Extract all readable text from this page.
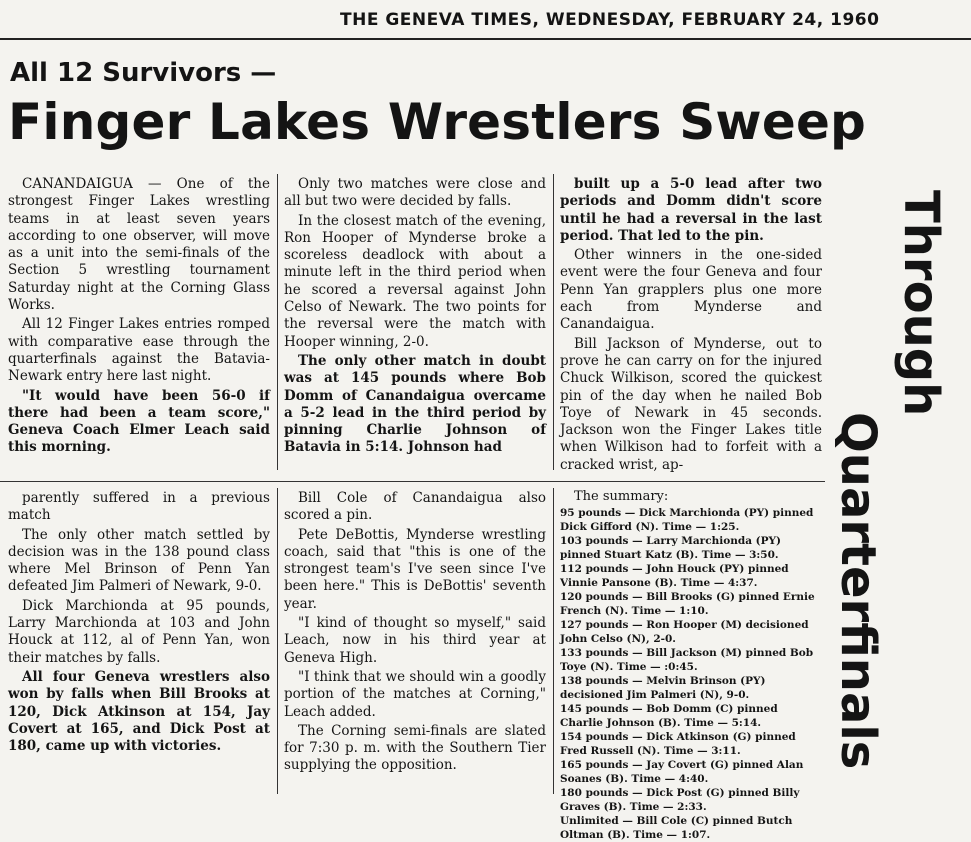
THE GENEVA TIMES, WEDNESDAY, FEBRUARY 24, 1960
All 12 Survivors —
Finger Lakes Wrestlers Sweep
Through
Quarterfinals

CANANDAIGUA — One of the strongest Finger Lakes wrestling teams in at least seven years according to one observer, will move as a unit into the semi-finals of the Section 5 wrestling tournament Saturday night at the Corning Glass Works.

All 12 Finger Lakes entries romped with comparative ease through the quarterfinals against the Batavia-Newark entry here last night.

"It would have been 56-0 if there had been a team score," Geneva Coach Elmer Leach said this morning.

Only two matches were close and all but two were decided by falls.

In the closest match of the evening, Ron Hooper of Mynderse broke a scoreless deadlock with about a minute left in the third period when he scored a reversal against John Celso of Newark. The two points for the reversal were the match with Hooper winning, 2-0.

The only other match in doubt was at 145 pounds where Bob Domm of Canandaigua overcame a 5-2 lead in the third period by pinning Charlie Johnson of Batavia in 5:14. Johnson had

built up a 5-0 lead after two periods and Domm didn't score until he had a reversal in the last period. That led to the pin.

Other winners in the one-sided event were the four Geneva and four Penn Yan grapplers plus one more each from Mynderse and Canandaigua.

Bill Jackson of Mynderse, out to prove he can carry on for the injured Chuck Wilkison, scored the quickest pin of the day when he nailed Bob Toye of Newark in 45 seconds. Jackson won the Finger Lakes title when Wilkison had to forfeit with a cracked wrist, ap-

parently suffered in a previous match

The only other match settled by decision was in the 138 pound class where Mel Brinson of Penn Yan defeated Jim Palmeri of Newark, 9-0.

Dick Marchionda at 95 pounds, Larry Marchionda at 103 and John Houck at 112, al of Penn Yan, won their matches by falls.

All four Geneva wrestlers also won by falls when Bill Brooks at 120, Dick Atkinson at 154, Jay Covert at 165, and Dick Post at 180, came up with victories.

Bill Cole of Canandaigua also scored a pin.

Pete DeBottis, Mynderse wrestling coach, said that "this is one of the strongest team's I've seen since I've been here." This is DeBottis' seventh year.

"I kind of thought so myself," said Leach, now in his third year at Geneva High.

"I think that we should win a goodly portion of the matches at Corning," Leach added.

The Corning semi-finals are slated for 7:30 p. m. with the Southern Tier supplying the opposition.

The summary:
95 pounds — Dick Marchionda (PY) pinned Dick Gifford (N). Time — 1:25.
103 pounds — Larry Marchionda (PY) pinned Stuart Katz (B). Time — 3:50.
112 pounds — John Houck (PY) pinned Vinnie Pansone (B). Time — 4:37.
120 pounds — Bill Brooks (G) pinned Ernie French (N). Time — 1:10.
127 pounds — Ron Hooper (M) decisioned John Celso (N), 2-0.
133 pounds — Bill Jackson (M) pinned Bob Toye (N). Time — :0:45.
138 pounds — Melvin Brinson (PY) decisioned Jim Palmeri (N), 9-0.
145 pounds — Bob Domm (C) pinned Charlie Johnson (B). Time — 5:14.
154 pounds — Dick Atkinson (G) pinned Fred Russell (N). Time — 3:11.
165 pounds — Jay Covert (G) pinned Alan Soanes (B). Time — 4:40.
180 pounds — Dick Post (G) pinned Billy Graves (B). Time — 2:33.
Unlimited — Bill Cole (C) pinned Butch Oltman (B). Time — 1:07.
